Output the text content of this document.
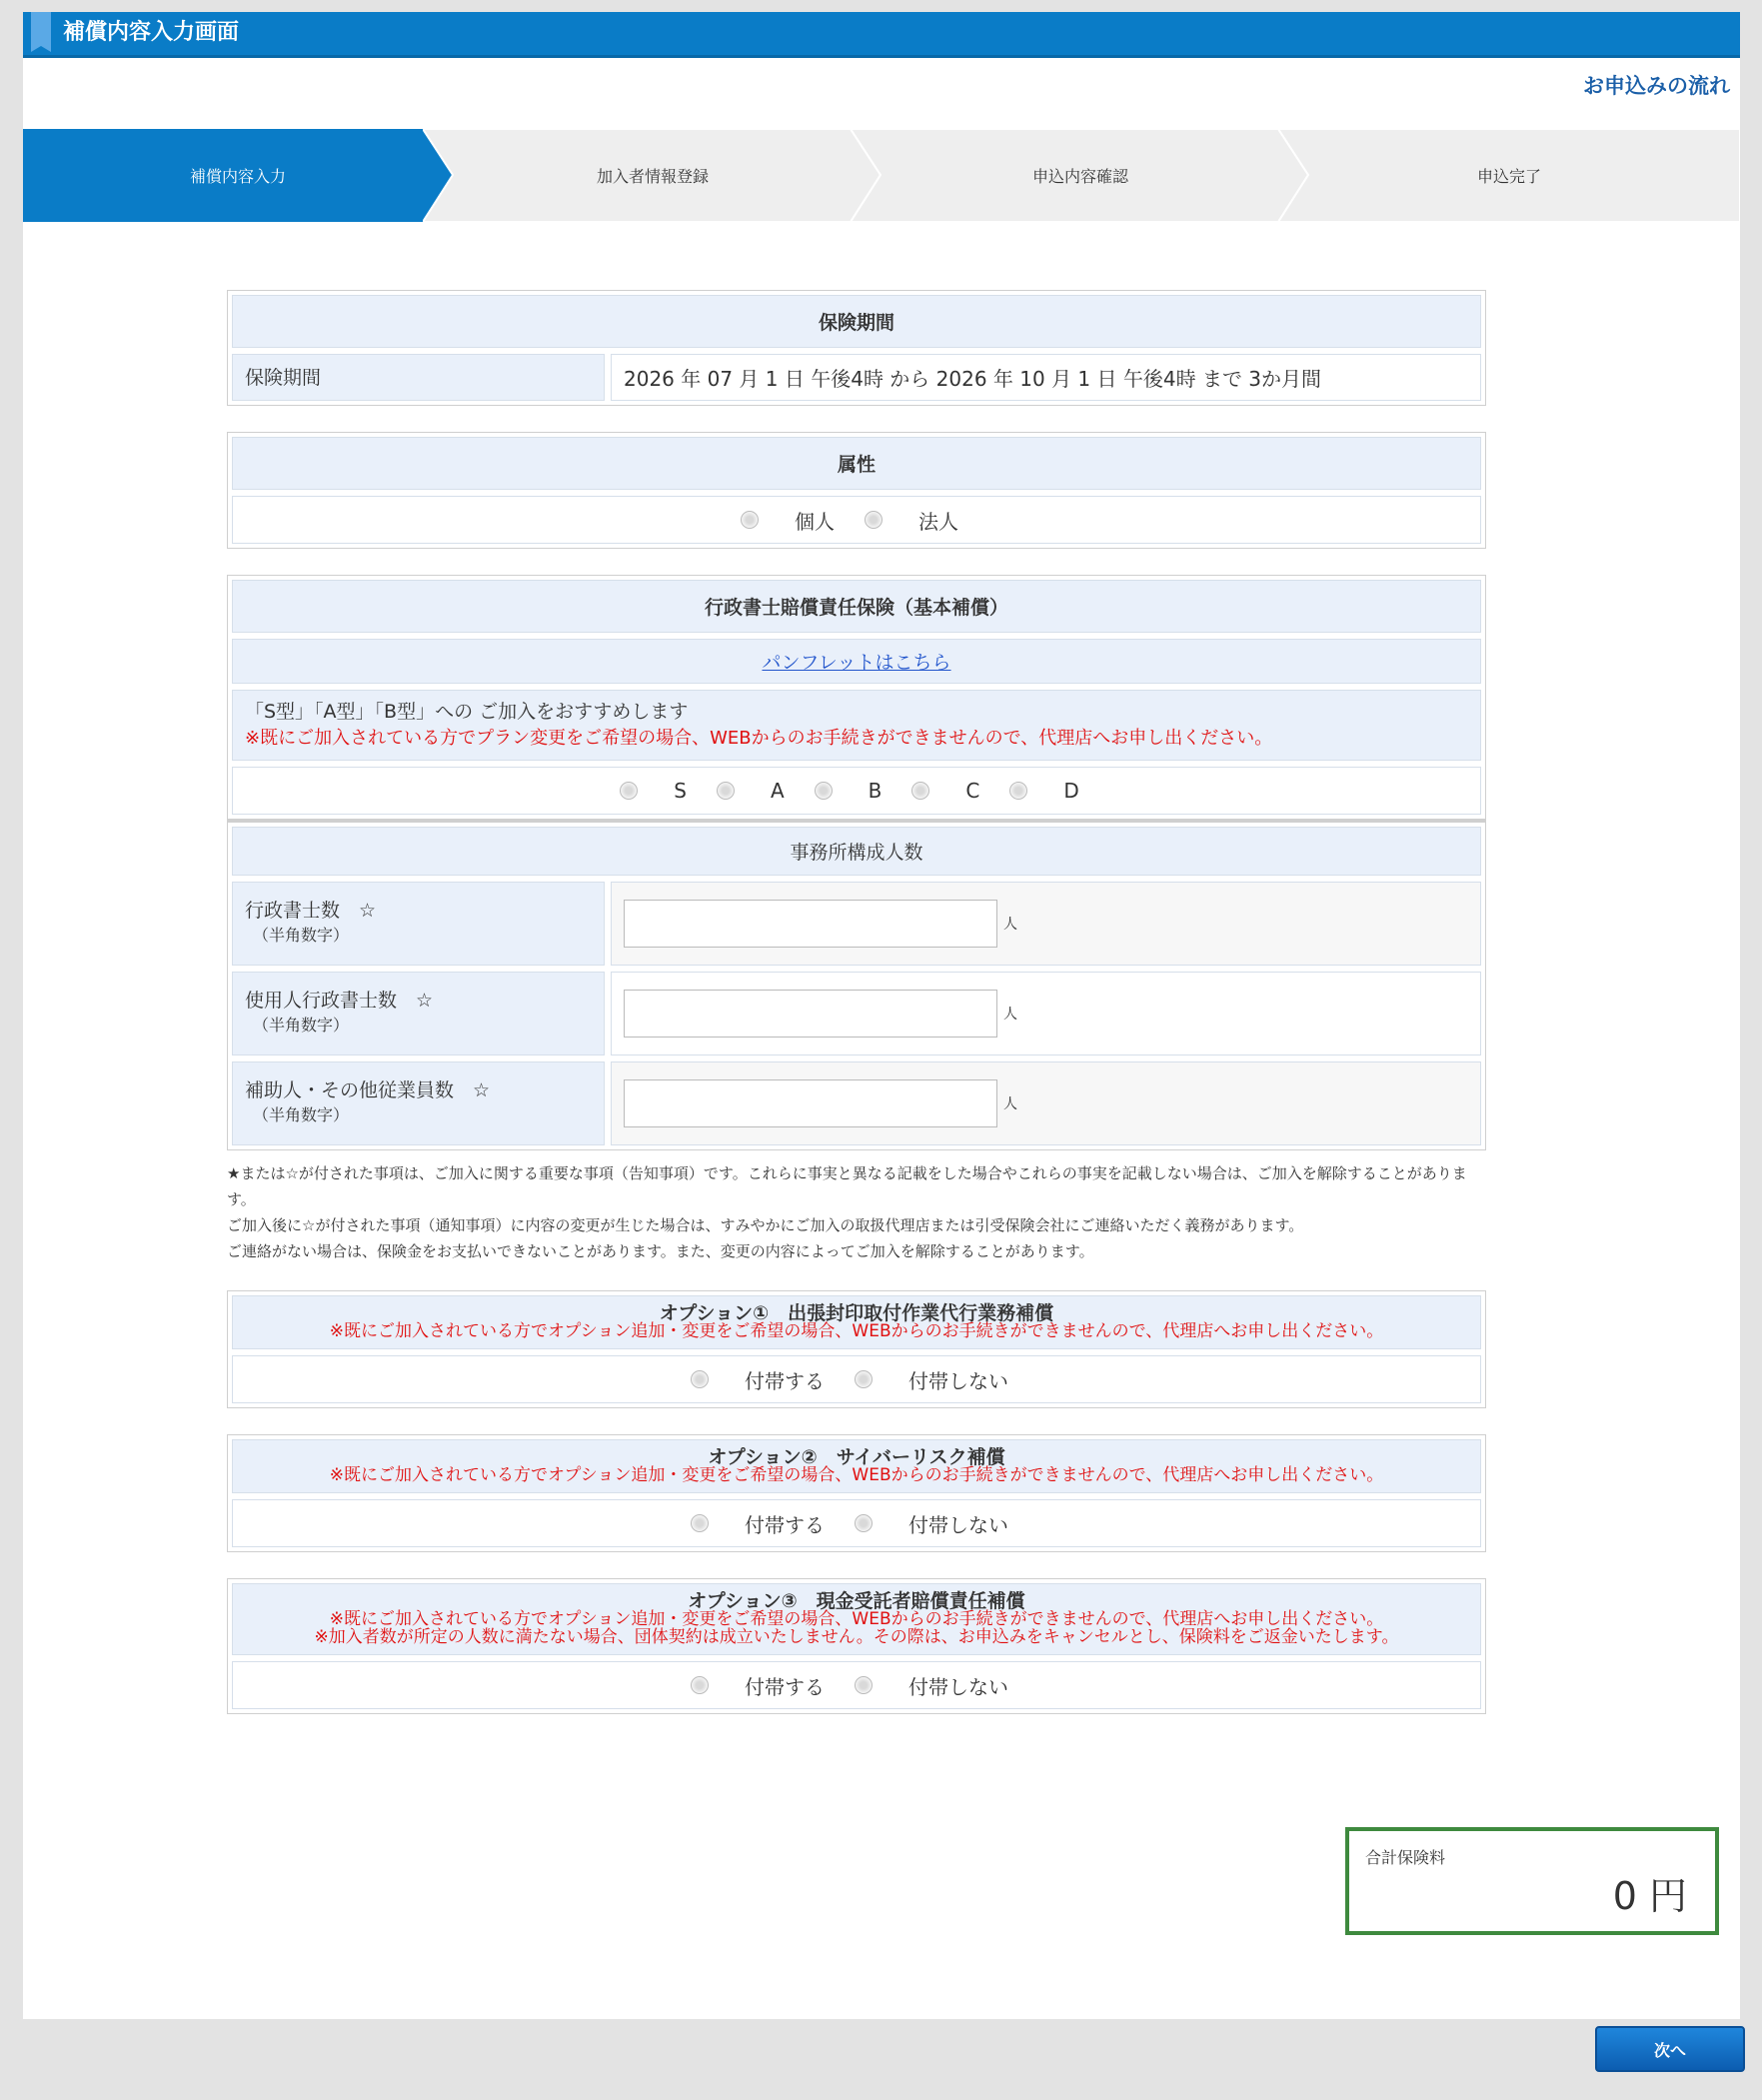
補償内容入力画面
お申込みの流れ
補償内容入力	加入者情報登録	申込内容確認	申込完了
保険期間
保険期間	2026 年 07 月 1 日 午後4時 から 2026 年 10 月 1 日 午後4時 まで 3か月間
属性
個人	法人
行政書士賠償責任保険（基本補償）
パンフレットはこちら
「S型」「A型」「B型」への ご加入をおすすめします
※既にご加入されている方でプラン変更をご希望の場合、WEBからのお手続きができませんので、代理店へお申し出ください。
S	A	B	C	D
事務所構成人数
行政書士数　☆
（半角数字）
人
使用人行政書士数　☆
（半角数字）
人
補助人・その他従業員数　☆
（半角数字）
人
★または☆が付された事項は、ご加入に関する重要な事項（告知事項）です。これらに事実と異なる記載をした場合やこれらの事実を記載しない場合は、ご加入を解除することがあります。
ご加入後に☆が付された事項（通知事項）に内容の変更が生じた場合は、すみやかにご加入の取扱代理店または引受保険会社にご連絡いただく義務があります。
ご連絡がない場合は、保険金をお支払いできないことがあります。また、変更の内容によってご加入を解除することがあります。
オプション①　出張封印取付作業代行業務補償
※既にご加入されている方でオプション追加・変更をご希望の場合、WEBからのお手続きができませんので、代理店へお申し出ください。
付帯する	付帯しない
オプション②　サイバーリスク補償
※既にご加入されている方でオプション追加・変更をご希望の場合、WEBからのお手続きができませんので、代理店へお申し出ください。
付帯する	付帯しない
オプション③　現金受託者賠償責任補償
※既にご加入されている方でオプション追加・変更をご希望の場合、WEBからのお手続きができませんので、代理店へお申し出ください。
※加入者数が所定の人数に満たない場合、団体契約は成立いたしません。その際は、お申込みをキャンセルとし、保険料をご返金いたします。
付帯する	付帯しない
合計保険料
0 円
次へ
